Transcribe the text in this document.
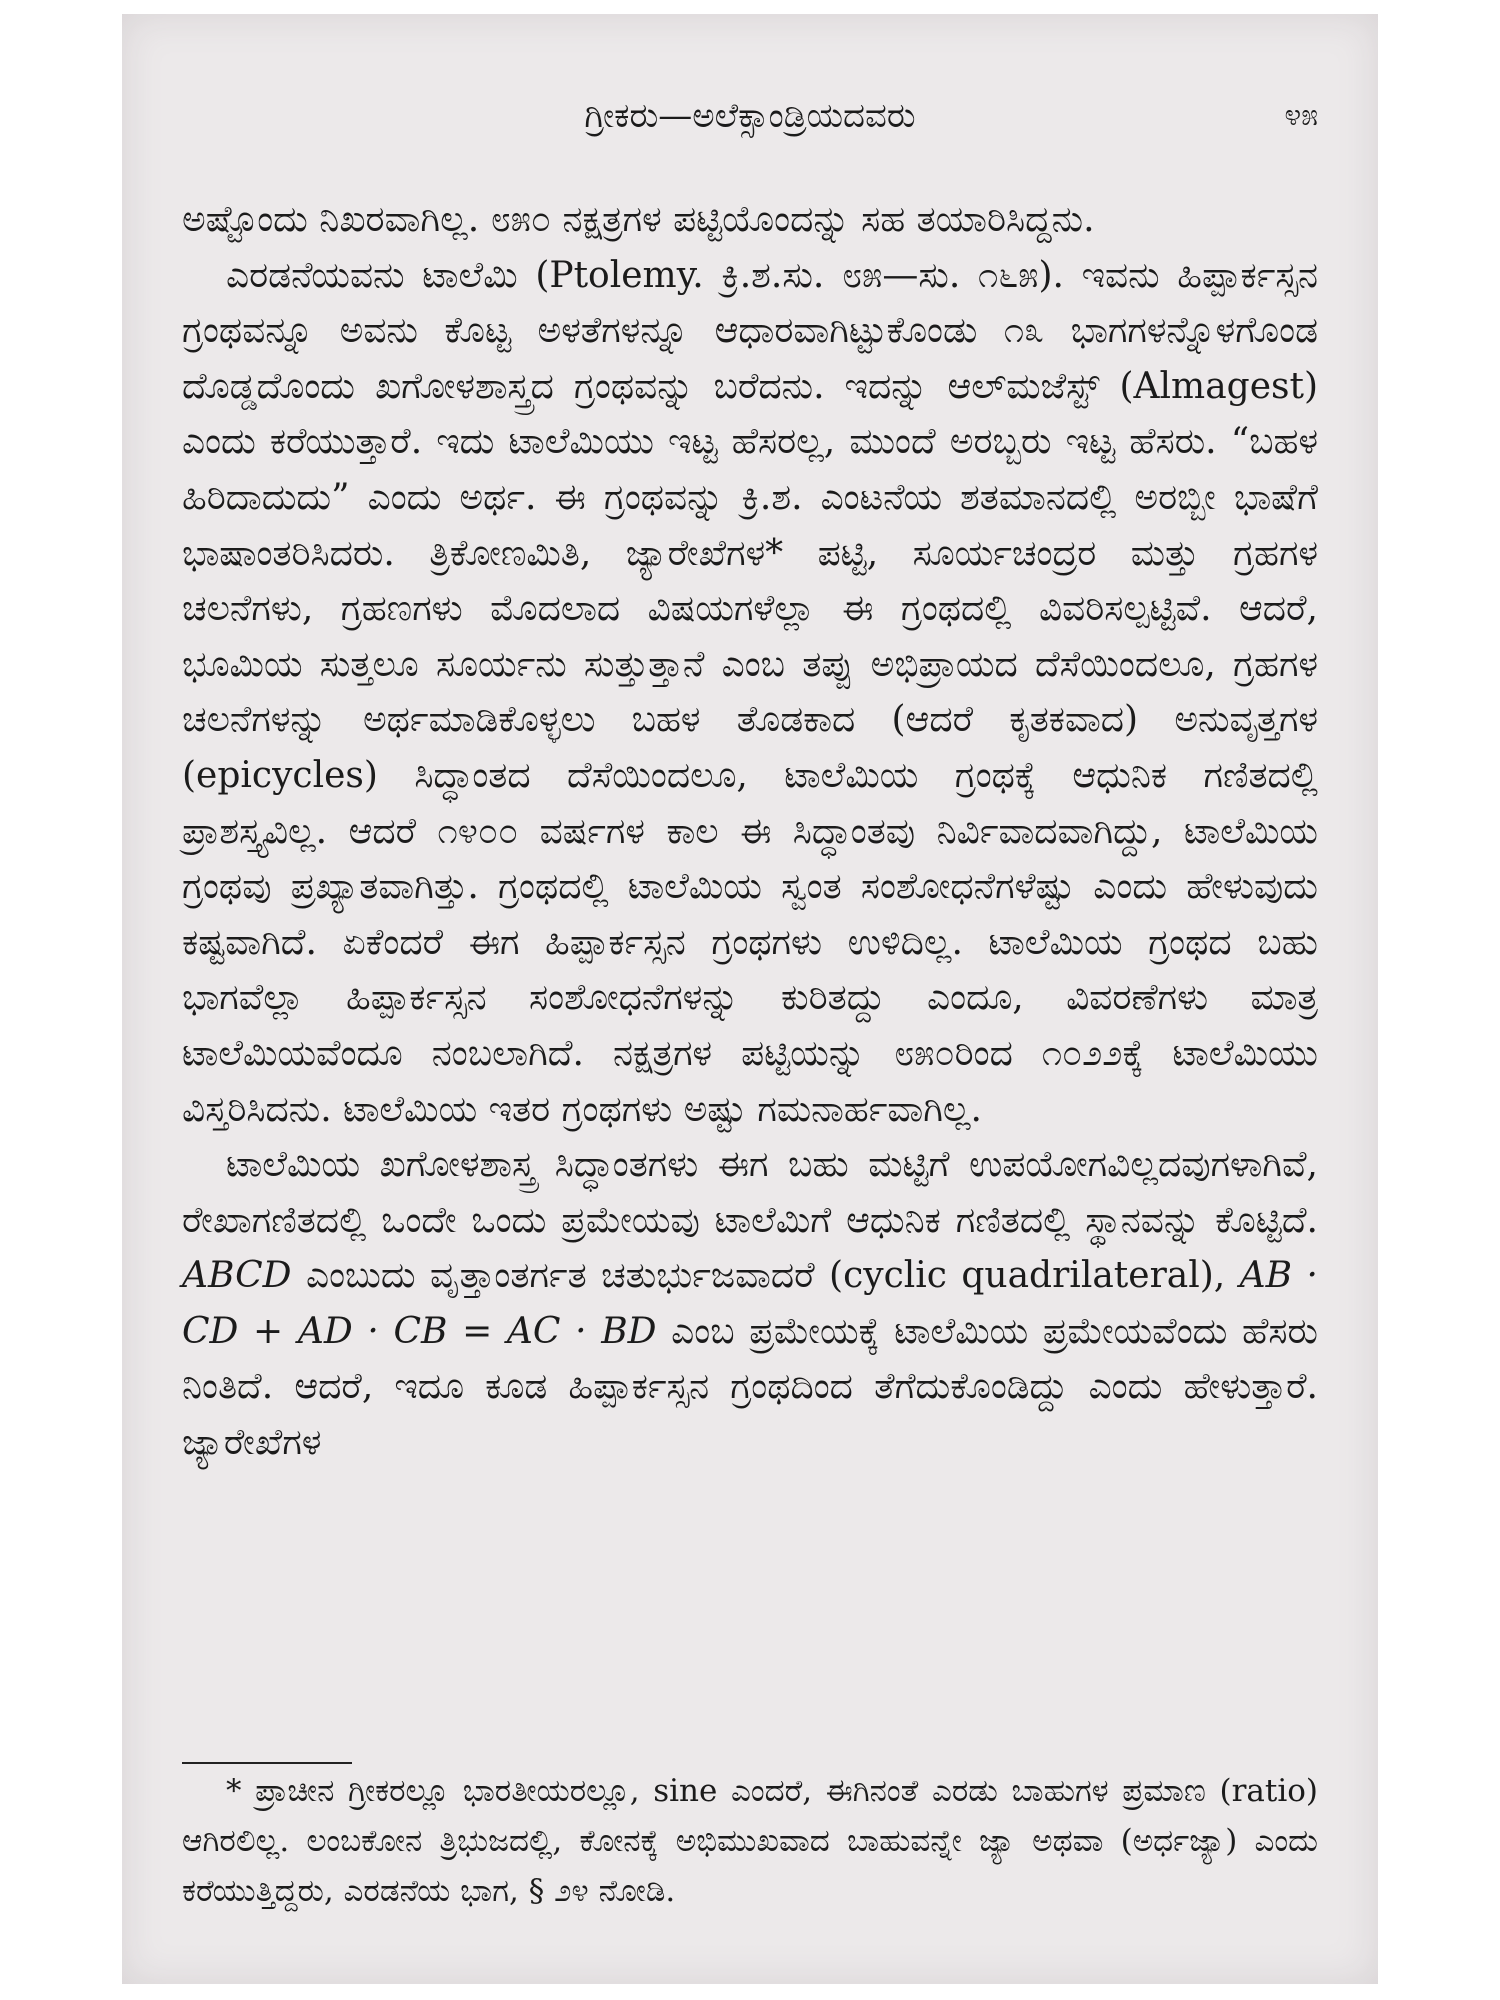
ಗ್ರೀಕರು—ಅಲೆಕ್ಸಾಂಡ್ರಿಯದವರು	೪೫

ಅಷ್ಟೊಂದು ನಿಖರವಾಗಿಲ್ಲ. ೮೫೦ ನಕ್ಷತ್ರಗಳ ಪಟ್ಟಿಯೊಂದನ್ನು ಸಹ ತಯಾರಿಸಿದ್ದನು.

ಎರಡನೆಯವನು ಟಾಲೆಮಿ (Ptolemy. ಕ್ರಿ.ಶ.ಸು. ೮೫—ಸು. ೧೬೫). ಇವನು ಹಿಪ್ಪಾರ್ಕಸ್ಸನ ಗ್ರಂಥವನ್ನೂ ಅವನು ಕೊಟ್ಟ ಅಳತೆಗಳನ್ನೂ ಆಧಾರವಾಗಿಟ್ಟುಕೊಂಡು ೧೩ ಭಾಗಗಳನ್ನೊಳಗೊಂಡ ದೊಡ್ಡದೊಂದು ಖಗೋಳಶಾಸ್ತ್ರದ ಗ್ರಂಥವನ್ನು ಬರೆದನು. ಇದನ್ನು ಆಲ್‌ಮಜೆಸ್ಟ್ (Almagest) ಎಂದು ಕರೆಯುತ್ತಾರೆ. ಇದು ಟಾಲೆಮಿಯು ಇಟ್ಟ ಹೆಸರಲ್ಲ, ಮುಂದೆ ಅರಬ್ಬರು ಇಟ್ಟ ಹೆಸರು. “ಬಹಳ ಹಿರಿದಾದುದು” ಎಂದು ಅರ್ಥ. ಈ ಗ್ರಂಥವನ್ನು ಕ್ರಿ.ಶ. ಎಂಟನೆಯ ಶತಮಾನದಲ್ಲಿ ಅರಬ್ಬೀ ಭಾಷೆಗೆ ಭಾಷಾಂತರಿಸಿದರು. ತ್ರಿಕೋಣಮಿತಿ, ಜ್ಯಾರೇಖೆಗಳ* ಪಟ್ಟಿ, ಸೂರ್ಯಚಂದ್ರರ ಮತ್ತು ಗ್ರಹಗಳ ಚಲನೆಗಳು, ಗ್ರಹಣಗಳು ಮೊದಲಾದ ವಿಷಯಗಳೆಲ್ಲಾ ಈ ಗ್ರಂಥದಲ್ಲಿ ವಿವರಿಸಲ್ಪಟ್ಟಿವೆ. ಆದರೆ, ಭೂಮಿಯ ಸುತ್ತಲೂ ಸೂರ್ಯನು ಸುತ್ತುತ್ತಾನೆ ಎಂಬ ತಪ್ಪು ಅಭಿಪ್ರಾಯದ ದೆಸೆಯಿಂದಲೂ, ಗ್ರಹಗಳ ಚಲನೆಗಳನ್ನು ಅರ್ಥಮಾಡಿಕೊಳ್ಳಲು ಬಹಳ ತೊಡಕಾದ (ಆದರೆ ಕೃತಕವಾದ) ಅನುವೃತ್ತಗಳ (epicycles) ಸಿದ್ಧಾಂತದ ದೆಸೆಯಿಂದಲೂ, ಟಾಲೆಮಿಯ ಗ್ರಂಥಕ್ಕೆ ಆಧುನಿಕ ಗಣಿತದಲ್ಲಿ ಪ್ರಾಶಸ್ತ್ಯವಿಲ್ಲ. ಆದರೆ ೧೪೦೦ ವರ್ಷಗಳ ಕಾಲ ಈ ಸಿದ್ಧಾಂತವು ನಿರ್ವಿವಾದವಾಗಿದ್ದು, ಟಾಲೆಮಿಯ ಗ್ರಂಥವು ಪ್ರಖ್ಯಾತವಾಗಿತ್ತು. ಗ್ರಂಥದಲ್ಲಿ ಟಾಲೆಮಿಯ ಸ್ವಂತ ಸಂಶೋಧನೆಗಳೆಷ್ಟು ಎಂದು ಹೇಳುವುದು ಕಷ್ಟವಾಗಿದೆ. ಏಕೆಂದರೆ ಈಗ ಹಿಪ್ಪಾರ್ಕಸ್ಸನ ಗ್ರಂಥಗಳು ಉಳಿದಿಲ್ಲ. ಟಾಲೆಮಿಯ ಗ್ರಂಥದ ಬಹು ಭಾಗವೆಲ್ಲಾ ಹಿಪ್ಪಾರ್ಕಸ್ಸನ ಸಂಶೋಧನೆಗಳನ್ನು ಕುರಿತದ್ದು ಎಂದೂ, ವಿವರಣೆಗಳು ಮಾತ್ರ ಟಾಲೆಮಿಯವೆಂದೂ ನಂಬಲಾಗಿದೆ. ನಕ್ಷತ್ರಗಳ ಪಟ್ಟಿಯನ್ನು ೮೫೦ರಿಂದ ೧೦೨೨ಕ್ಕೆ ಟಾಲೆಮಿಯು ವಿಸ್ತರಿಸಿದನು. ಟಾಲೆಮಿಯ ಇತರ ಗ್ರಂಥಗಳು ಅಷ್ಟು ಗಮನಾರ್ಹವಾಗಿಲ್ಲ.

ಟಾಲೆಮಿಯ ಖಗೋಳಶಾಸ್ತ್ರ ಸಿದ್ಧಾಂತಗಳು ಈಗ ಬಹು ಮಟ್ಟಿಗೆ ಉಪಯೋಗವಿಲ್ಲದವುಗಳಾಗಿವೆ, ರೇಖಾಗಣಿತದಲ್ಲಿ ಒಂದೇ ಒಂದು ಪ್ರಮೇಯವು ಟಾಲೆಮಿಗೆ ಆಧುನಿಕ ಗಣಿತದಲ್ಲಿ ಸ್ಥಾನವನ್ನು ಕೊಟ್ಟಿದೆ. ABCD ಎಂಬುದು ವೃತ್ತಾಂತರ್ಗತ ಚತುರ್ಭುಜವಾದರೆ (cyclic quadrilateral), AB · CD + AD · CB = AC · BD ಎಂಬ ಪ್ರಮೇಯಕ್ಕೆ ಟಾಲೆಮಿಯ ಪ್ರಮೇಯವೆಂದು ಹೆಸರು ನಿಂತಿದೆ. ಆದರೆ, ಇದೂ ಕೂಡ ಹಿಪ್ಪಾರ್ಕಸ್ಸನ ಗ್ರಂಥದಿಂದ ತೆಗೆದುಕೊಂಡಿದ್ದು ಎಂದು ಹೇಳುತ್ತಾರೆ. ಜ್ಯಾರೇಖೆಗಳ

* ಪ್ರಾಚೀನ ಗ್ರೀಕರಲ್ಲೂ ಭಾರತೀಯರಲ್ಲೂ, sine ಎಂದರೆ, ಈಗಿನಂತೆ ಎರಡು ಬಾಹುಗಳ ಪ್ರಮಾಣ (ratio) ಆಗಿರಲಿಲ್ಲ. ಲಂಬಕೋನ ತ್ರಿಭುಜದಲ್ಲಿ, ಕೋನಕ್ಕೆ ಅಭಿಮುಖವಾದ ಬಾಹುವನ್ನೇ ಜ್ಯಾ ಅಥವಾ (ಅರ್ಧಜ್ಯಾ) ಎಂದು ಕರೆಯುತ್ತಿದ್ದರು, ಎರಡನೆಯ ಭಾಗ, § ೨೪ ನೋಡಿ.
